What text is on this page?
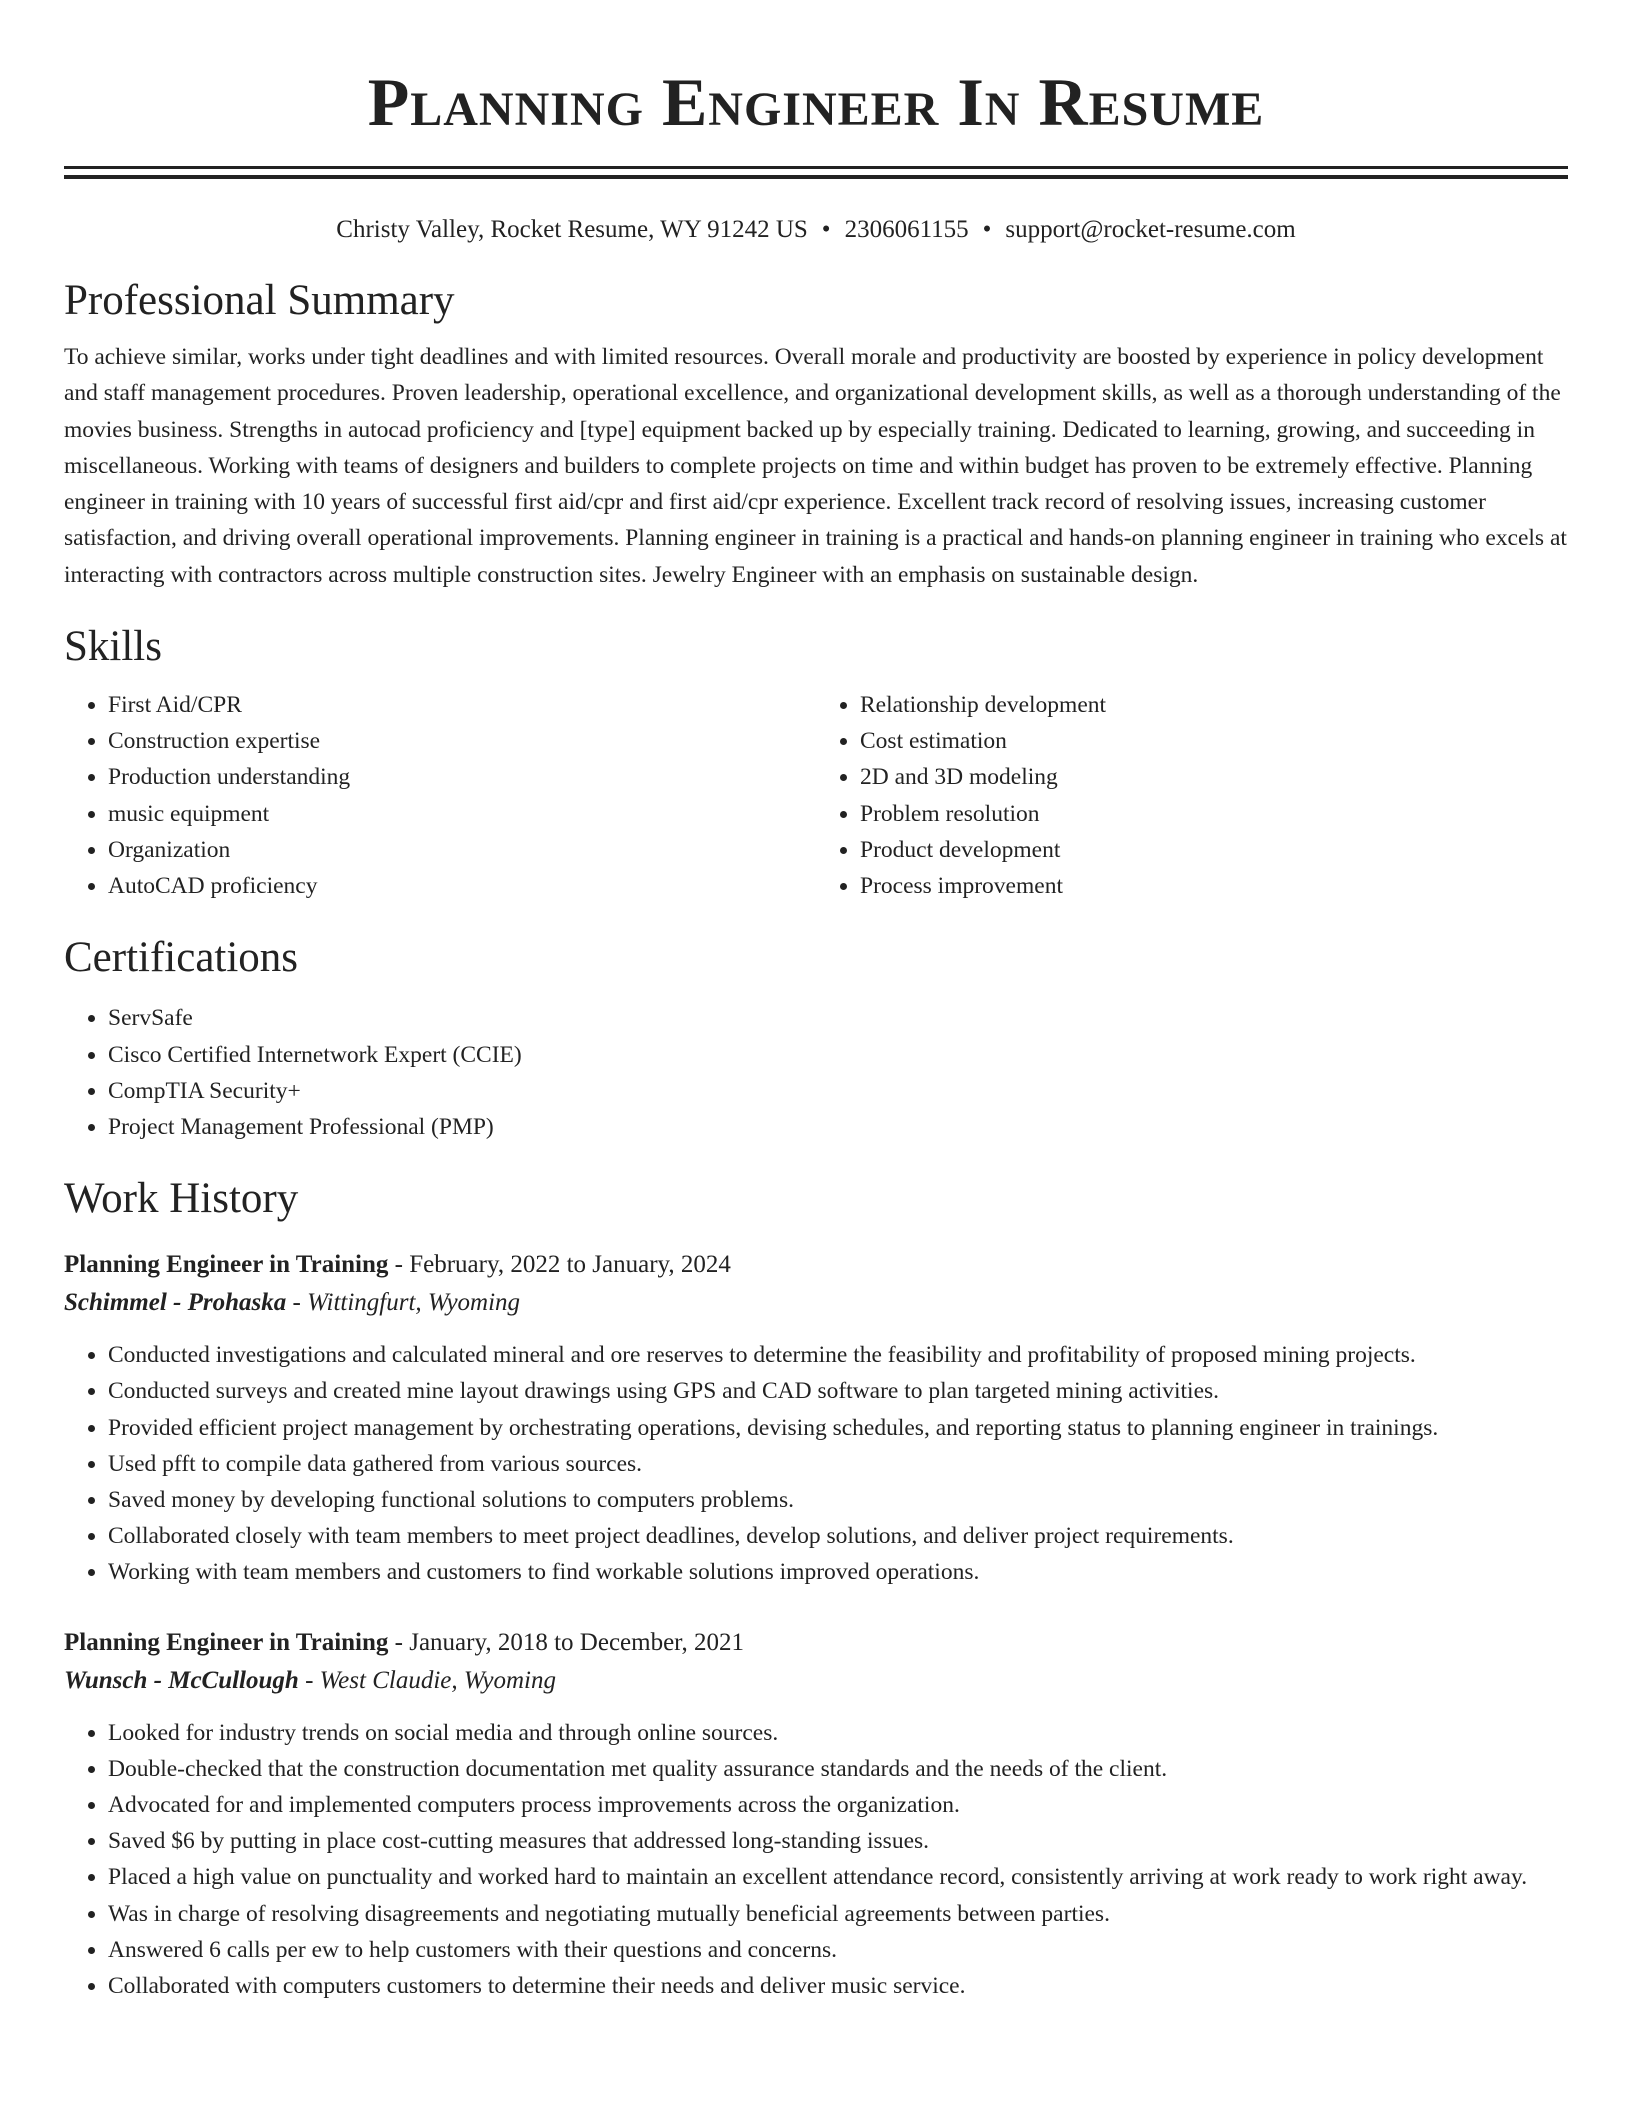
Planning Engineer In Resume
Christy Valley, Rocket Resume, WY 91242 US • 2306061155 • support@rocket-resume.com
Professional Summary

To achieve similar, works under tight deadlines and with limited resources. Overall morale and productivity are boosted by experience in policy development and staff management procedures. Proven leadership, operational excellence, and organizational development skills, as well as a thorough understanding of the movies business. Strengths in autocad proficiency and [type] equipment backed up by especially training. Dedicated to learning, growing, and succeeding in miscellaneous. Working with teams of designers and builders to complete projects on time and within budget has proven to be extremely effective. Planning engineer in training with 10 years of successful first aid/cpr and first aid/cpr experience. Excellent track record of resolving issues, increasing customer satisfaction, and driving overall operational improvements. Planning engineer in training is a practical and hands-on planning engineer in training who excels at interacting with contractors across multiple construction sites. Jewelry Engineer with an emphasis on sustainable design.

Skills
• First Aid/CPR
• Construction expertise
• Production understanding
• music equipment
• Organization
• AutoCAD proficiency
• Relationship development
• Cost estimation
• 2D and 3D modeling
• Problem resolution
• Product development
• Process improvement
Certifications
• ServSafe
• Cisco Certified Internetwork Expert (CCIE)
• CompTIA Security+
• Project Management Professional (PMP)
Work History
Planning Engineer in Training - February, 2022 to January, 2024
Schimmel - Prohaska - Wittingfurt, Wyoming
• Conducted investigations and calculated mineral and ore reserves to determine the feasibility and profitability of proposed mining projects.
• Conducted surveys and created mine layout drawings using GPS and CAD software to plan targeted mining activities.
• Provided efficient project management by orchestrating operations, devising schedules, and reporting status to planning engineer in trainings.
• Used pfft to compile data gathered from various sources.
• Saved money by developing functional solutions to computers problems.
• Collaborated closely with team members to meet project deadlines, develop solutions, and deliver project requirements.
• Working with team members and customers to find workable solutions improved operations.
Planning Engineer in Training - January, 2018 to December, 2021
Wunsch - McCullough - West Claudie, Wyoming
• Looked for industry trends on social media and through online sources.
• Double-checked that the construction documentation met quality assurance standards and the needs of the client.
• Advocated for and implemented computers process improvements across the organization.
• Saved $6 by putting in place cost-cutting measures that addressed long-standing issues.
• Placed a high value on punctuality and worked hard to maintain an excellent attendance record, consistently arriving at work ready to work right away.
• Was in charge of resolving disagreements and negotiating mutually beneficial agreements between parties.
• Answered 6 calls per ew to help customers with their questions and concerns.
• Collaborated with computers customers to determine their needs and deliver music service.
